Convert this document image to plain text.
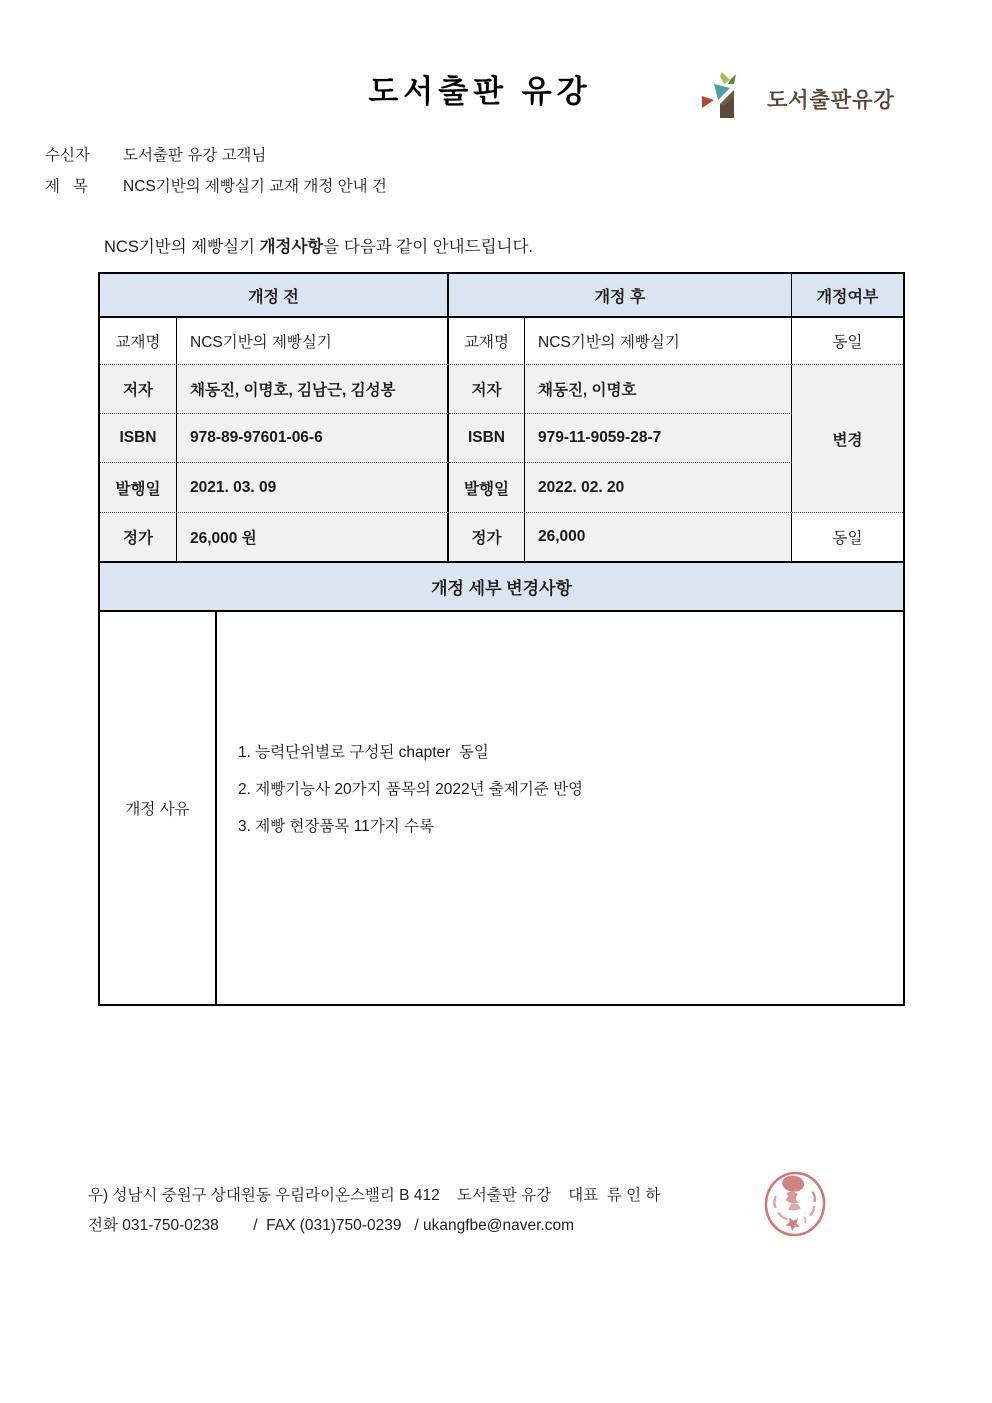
도서출판 유강	도서출판유강
수신자 도서출판 유강 고객님
제   목 NCS기반의 제빵실기 교재 개정 안내 건
NCS기반의 제빵실기 개정사항을 다음과 같이 안내드립니다.
개정 전	개정 후	개정여부
교재명	NCS기반의 제빵실기	교재명	NCS기반의 제빵실기	동일
저자	채동진, 이명호, 김남근, 김성봉	저자	채동진, 이명호
ISBN	978-89-97601-06-6	ISBN	979-11-9059-28-7
발행일	2021. 03. 09	발행일	2022. 02. 20
변경
정가	26,000 원	정가	26,000	동일
개정 세부 변경사항
개정 사유
1. 능력단위별로 구성된 chapter  동일
2. 제빵기능사 20가지 품목의 2022년 출제기준 반영
3. 제빵 현장품목 11가지 수록
우) 성남시 중원구 상대원동 우림라이온스밸리 B 412    도서출판 유강    대표  류 인 하
전화 031-750-0238        /  FAX (031)750-0239   / ukangfbe@naver.com
